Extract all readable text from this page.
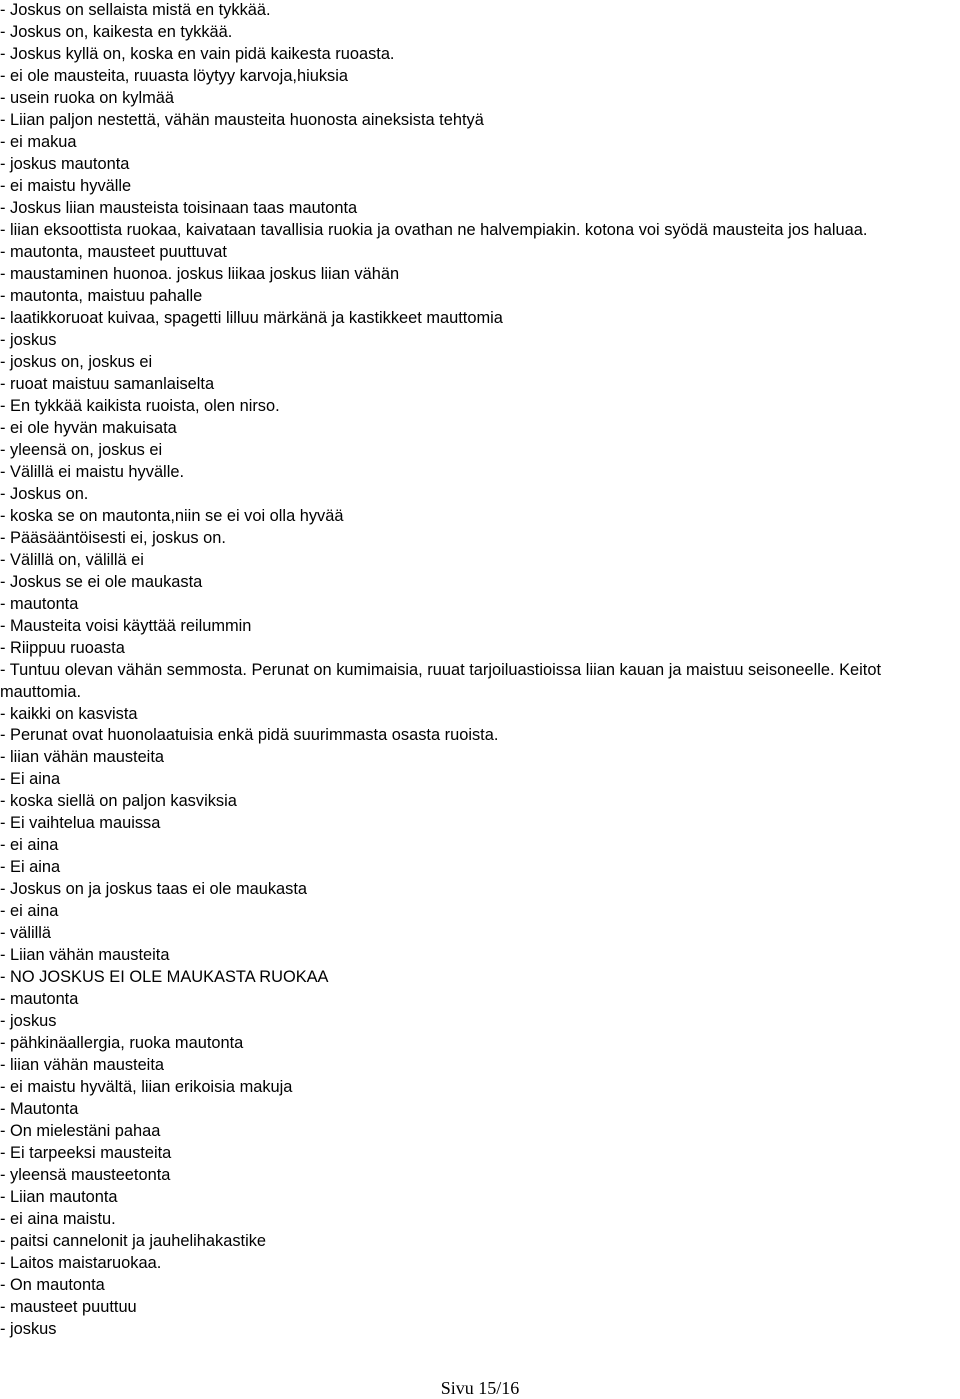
- Joskus on sellaista mistä en tykkää.
- Joskus on, kaikesta en tykkää.
- Joskus kyllä on, koska en vain pidä kaikesta ruoasta.
- ei ole mausteita, ruuasta löytyy karvoja,hiuksia
- usein ruoka on kylmää
- Liian paljon nestettä, vähän mausteita huonosta aineksista tehtyä
- ei makua
- joskus mautonta
- ei maistu hyvälle
- Joskus liian mausteista toisinaan taas mautonta
- liian eksoottista ruokaa, kaivataan tavallisia ruokia ja ovathan ne halvempiakin. kotona voi syödä mausteita jos haluaa.
- mautonta, mausteet puuttuvat
- maustaminen huonoa. joskus liikaa joskus liian vähän
- mautonta, maistuu pahalle
- laatikkoruoat kuivaa, spagetti lilluu märkänä ja kastikkeet mauttomia
- joskus
- joskus on, joskus ei
- ruoat maistuu samanlaiselta
- En tykkää kaikista ruoista, olen nirso.
- ei ole hyvän makuisata
- yleensä on, joskus ei
- Välillä ei maistu hyvälle.
- Joskus on.
- koska se on mautonta,niin se ei voi olla hyvää
- Pääsääntöisesti ei, joskus on.
- Välillä on, välillä ei
- Joskus se ei ole maukasta
- mautonta
- Mausteita voisi käyttää reilummin
- Riippuu ruoasta
- Tuntuu olevan vähän semmosta. Perunat on kumimaisia, ruuat tarjoiluastioissa liian kauan ja maistuu seisoneelle. Keitot mauttomia.
- kaikki on kasvista
- Perunat ovat huonolaatuisia enkä pidä suurimmasta osasta ruoista.
- liian vähän mausteita
- Ei aina
- koska siellä on paljon kasviksia
- Ei vaihtelua mauissa
- ei aina
- Ei aina
- Joskus on ja joskus taas ei ole maukasta
- ei aina
- välillä
- Liian vähän mausteita
- NO JOSKUS EI OLE MAUKASTA RUOKAA
- mautonta
- joskus
- pähkinäallergia, ruoka mautonta
- liian vähän mausteita
- ei maistu hyvältä, liian erikoisia makuja
- Mautonta
- On mielestäni pahaa
- Ei tarpeeksi mausteita
- yleensä mausteetonta
- Liian mautonta
- ei aina maistu.
- paitsi cannelonit ja jauhelihakastike
- Laitos maistaruokaa.
- On mautonta
- mausteet puuttuu
- joskus
Sivu 15/16
